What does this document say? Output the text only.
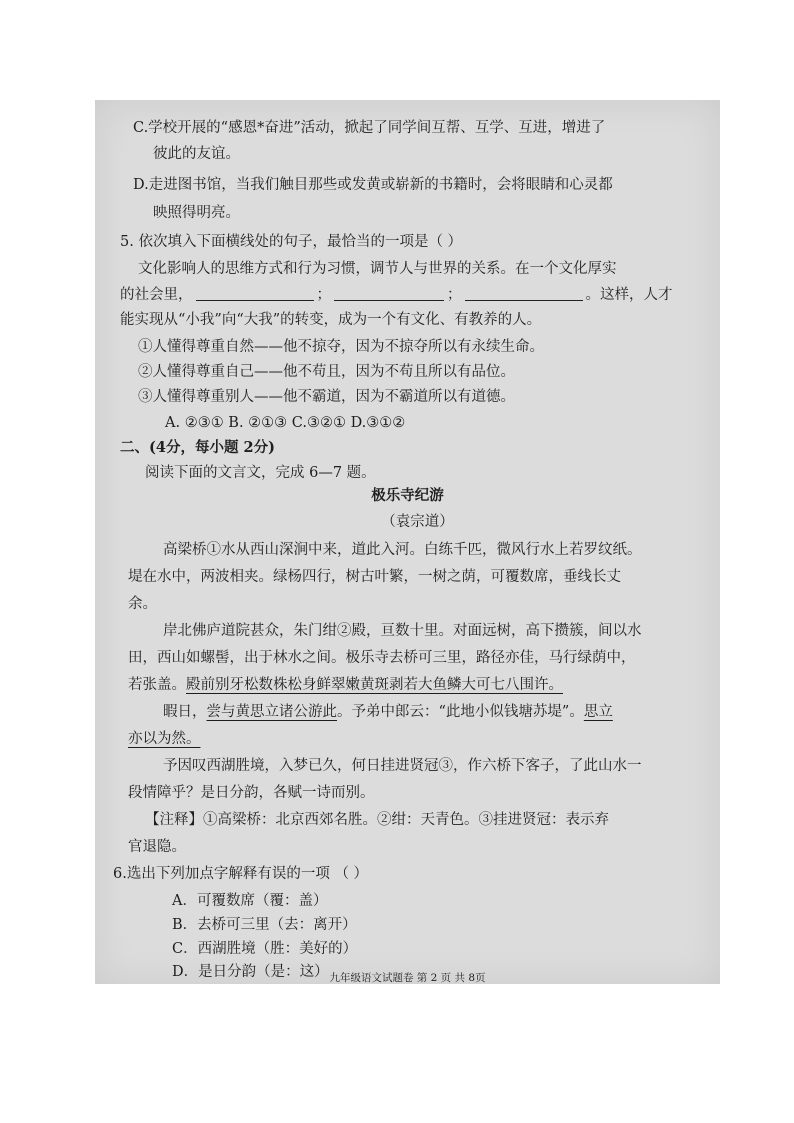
C.学校开展的“感恩*奋进”活动，掀起了同学间互帮、互学、互进，增进了
彼此的友谊。
D.走进图书馆，当我们触目那些或发黄或崭新的书籍时，会将眼睛和心灵都
映照得明亮。
5. 依次填入下面横线处的句子，最恰当的一项是（ ）
文化影响人的思维方式和行为习惯，调节人与世界的关系。在一个文化厚实
的社会里，	；	；	。这样，人才
能实现从“小我”向“大我”的转变，成为一个有文化、有教养的人。
①人懂得尊重自然——他不掠夺，因为不掠夺所以有永续生命。
②人懂得尊重自己——他不苟且，因为不苟且所以有品位。
③人懂得尊重别人——他不霸道，因为不霸道所以有道德。
A. ②③① B. ②①③ C.③②① D.③①②
二、(4分，每小题 2分)
阅读下面的文言文，完成 6—7 题。
极乐寺纪游
（袁宗道）
高梁桥①水从西山深涧中来，道此入河。白练千匹，微风行水上若罗纹纸。
堤在水中，两波相夹。绿杨四行，树古叶繁，一树之荫，可覆数席，垂线长丈
余。
岸北佛庐道院甚众，朱门绀②殿，亘数十里。对面远树，高下攒簇，间以水
田，西山如螺髻，出于林水之间。极乐寺去桥可三里，路径亦佳，马行绿荫中，
若张盖。殿前别牙松数株松身鲜翠嫩黄斑剥若大鱼鳞大可七八围许。
暇日，尝与黄思立诸公游此。予弟中郎云：“此地小似钱塘苏堤”。思立
亦以为然。
予因叹西湖胜境，入梦已久，何日挂进贤冠③，作六桥下客子，了此山水一
段情障乎？是日分韵，各赋一诗而别。
【注释】①高梁桥：北京西郊名胜。②绀：天青色。③挂进贤冠：表示弃
官退隐。
6.选出下列加点字解释有误的一项 （ ）
A．可覆数席（覆：盖）
B．去桥可三里（去：离开）
C．西湖胜境（胜：美好的）
D．是日分韵（是：这） 九年级语文试题卷 第 2 页 共 8页
